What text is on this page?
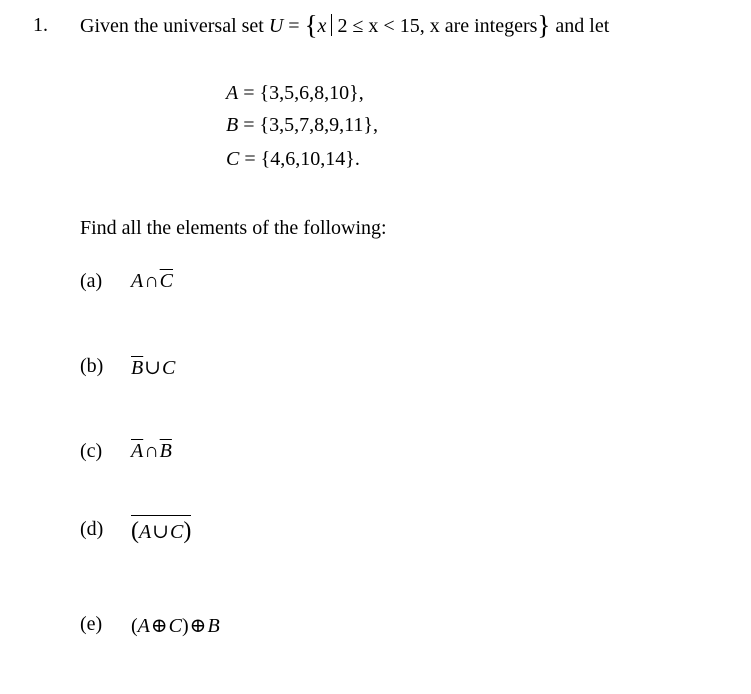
1. Given the universal set U = {x 2 ≤ x < 15, x are integers} and let
A = {3,5,6,8,10},
B = {3,5,7,8,9,11},
C = {4,6,10,14}.
Find all the elements of the following:
(a) $A\cap\overline{C}$
(b) $\overline{B}\cup C$
(c) $\overline{A}\cap\overline{B}$
(d) (A∪C)
(e) (A⊕C)⊕B
